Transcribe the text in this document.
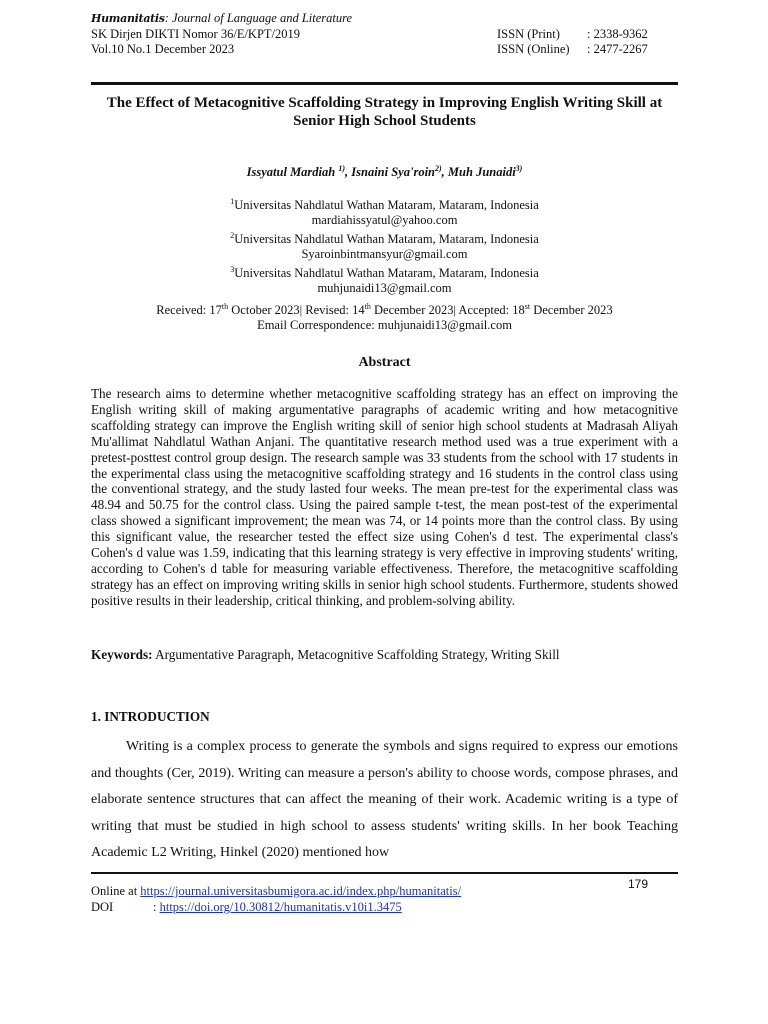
Humanitatis: Journal of Language and Literature
SK Dirjen DIKTI Nomor 36/E/KPT/2019
Vol.10 No.1 December 2023
ISSN (Print)	: 2338-9362
ISSN (Online)	: 2477-2267
The Effect of Metacognitive Scaffolding Strategy in Improving English Writing Skill at
Senior High School Students
Issyatul Mardiah $^{1)}$, Isnaini Sya'roin$^{2)}$, Muh Junaidi$^{3)}$
$^1$Universitas Nahdlatul Wathan Mataram, Mataram, Indonesia
mardiahissyatul@yahoo.com
$^2$Universitas Nahdlatul Wathan Mataram, Mataram, Indonesia
Syaroinbintmansyur@gmail.com
$^3$Universitas Nahdlatul Wathan Mataram, Mataram, Indonesia
muhjunaidi13@gmail.com
Received: 17th October 2023| Revised: 14th December 2023| Accepted: 18st December 2023
Email Correspondence: muhjunaidi13@gmail.com
Abstract
The research aims to determine whether metacognitive scaffolding strategy has an effect on improving the English writing skill of making argumentative paragraphs of academic writing and how metacognitive scaffolding strategy can improve the English writing skill of senior high school students at Madrasah Aliyah Mu'allimat Nahdlatul Wathan Anjani. The quantitative research method used was a true experiment with a pretest-posttest control group design. The research sample was 33 students from the school with 17 students in the experimental class using the metacognitive scaffolding strategy and 16 students in the control class using the conventional strategy, and the study lasted four weeks. The mean pre-test for the experimental class was 48.94 and 50.75 for the control class. Using the paired sample t-test, the mean post-test of the experimental class showed a significant improvement; the mean was 74, or 14 points more than the control class. By using this significant value, the researcher tested the effect size using Cohen's d test. The experimental class's Cohen's d value was 1.59, indicating that this learning strategy is very effective in improving students' writing, according to Cohen's d table for measuring variable effectiveness. Therefore, the metacognitive scaffolding strategy has an effect on improving writing skills in senior high school students. Furthermore, students showed positive results in their leadership, critical thinking, and problem-solving ability.
Keywords: Argumentative Paragraph, Metacognitive Scaffolding Strategy, Writing Skill
1. INTRODUCTION
Writing is a complex process to generate the symbols and signs required to express our emotions and thoughts (Cer, 2019). Writing can measure a person's ability to choose words, compose phrases, and elaborate sentence structures that can affect the meaning of their work. Academic writing is a type of writing that must be studied in high school to assess students' writing skills. In her book Teaching Academic L2 Writing, Hinkel (2020) mentioned how
179
Online at https://journal.universitasbumigora.ac.id/index.php/humanitatis/
DOI	: https://doi.org/10.30812/humanitatis.v10i1.3475
